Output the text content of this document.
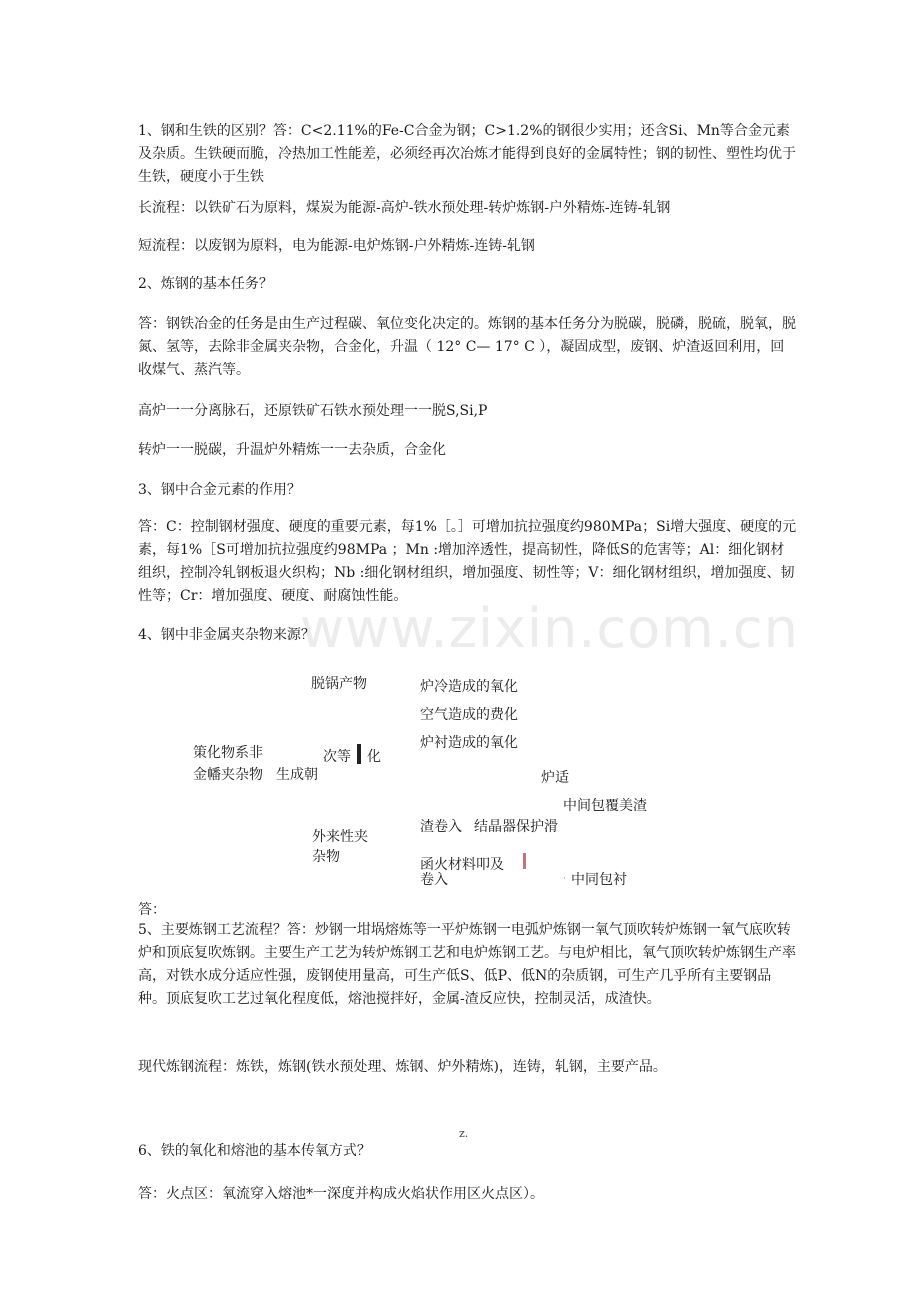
www.zixin.com.cn

1、钢和生铁的区别？答：C<2.11%的Fe-C合金为钢；C>1.2%的钢很少实用；还含Si、Mn等合金元素及杂质。生铁硬而脆，冷热加工性能差，必须经再次冶炼才能得到良好的金属特性；钢的韧性、塑性均优于生铁，硬度小于生铁

长流程：以铁矿石为原料，煤炭为能源-高炉-铁水预处理-转炉炼钢-户外精炼-连铸-轧钢

短流程：以废钢为原料，电为能源-电炉炼钢-户外精炼-连铸-轧钢

2、炼钢的基本任务？

答：钢铁冶金的任务是由生产过程碳、氧位变化决定的。炼钢的基本任务分为脱碳，脱磷，脱硫，脱氧，脱氮、氢等，去除非金属夹杂物，合金化，升温（ 12° C— 17° C ），凝固成型，废钢、炉渣返回利用，回收煤气、蒸汽等。

高炉一一分离脉石，还原铁矿石铁水预处理一一脱S,Si,P

转炉一一脱碳，升温炉外精炼一一去杂质，合金化

3、钢中合金元素的作用？

答：C：控制钢材强度、硬度的重要元素，每1%［。］可增加抗拉强度约980MPa；Si增大强度、硬度的元素，每1%［S可增加抗拉强度约98MPa ；Mn :增加淬透性，提高韧性，降低S的危害等；Al：细化钢材组织，控制冷轧钢板退火织构；Nb :细化钢材组织，增加强度、韧性等；V：细化钢材组织，增加强度、韧性等；Cr：增加强度、硬度、耐腐蚀性能。

4、钢中非金属夹杂物来源？

脱锅产物	炉冷造成的氧化
空气造成的费化
炉衬造成的氧化
策化物系非
金幡夹杂物 生成朝
次等 化
炉适
中间包覆美渣
外来性夹
杂物
渣卷入 结晶器保护滑
函火材料叩及
卷入	· 中同包衬

答：

5、主要炼钢工艺流程？答：炒钢一坩埚熔炼等一平炉炼钢一电弧炉炼钢一氧气顶吹转炉炼钢一氧气底吹转炉和顶底复吹炼钢。主要生产工艺为转炉炼钢工艺和电炉炼钢工艺。与电炉相比，氧气顶吹转炉炼钢生产率高，对铁水成分适应性强，废钢使用量高，可生产低S、低P、低N的杂质钢，可生产几乎所有主要钢品种。顶底复吹工艺过氧化程度低，熔池搅拌好，金属-渣反应快，控制灵活，成渣快。

现代炼钢流程：炼铁，炼钢(铁水预处理、炼钢、炉外精炼)，连铸，轧钢，主要产品。

z.

6、铁的氧化和熔池的基本传氧方式？

答：火点区：氧流穿入熔池*一深度并构成火焰状作用区火点区）。
